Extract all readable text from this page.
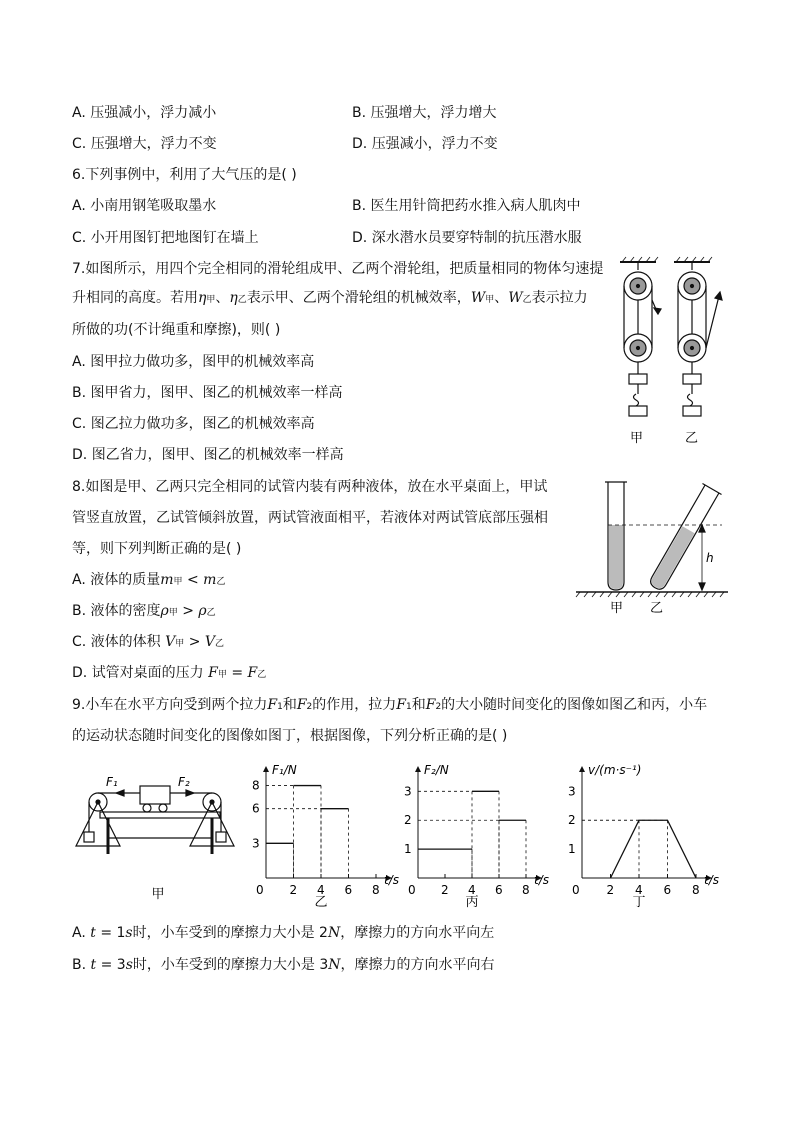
A. 压强减小，浮力减小	B. 压强增大，浮力增大
C. 压强增大，浮力不变	D. 压强减小，浮力不变
6.下列事例中，利用了大气压的是( )
A. 小南用钢笔吸取墨水	B. 医生用针筒把药水推入病人肌肉中
C. 小开用图钉把地图钉在墙上	D. 深水潜水员要穿特制的抗压潜水服
7.如图所示，用四个完全相同的滑轮组成甲、乙两个滑轮组，把质量相同的物体匀速提
升相同的高度。若用η甲、η乙表示甲、乙两个滑轮组的机械效率，W甲、W乙表示拉力
所做的功(不计绳重和摩擦)，则( )
A. 图甲拉力做功多，图甲的机械效率高
B. 图甲省力，图甲、图乙的机械效率一样高
C. 图乙拉力做功多，图乙的机械效率高
D. 图乙省力，图甲、图乙的机械效率一样高
甲	乙
8.如图是甲、乙两只完全相同的试管内装有两种液体，放在水平桌面上，甲试
管竖直放置，乙试管倾斜放置，两试管液面相平，若液体对两试管底部压强相
等，则下列判断正确的是( )
A. 液体的质量m甲 < m乙
B. 液体的密度ρ甲 > ρ乙
C. 液体的体积 V甲 > V乙
D. 试管对桌面的压力 F甲 = F乙
h
甲 乙
9.小车在水平方向受到两个拉力F1和F2的作用，拉力F1和F2的大小随时间变化的图像如图乙和丙，小车
的运动状态随时间变化的图像如图丁，根据图像，下列分析正确的是( )
F₁	F₂
甲
F₁/N
t/s
0 2 4 6 8
3
6
8
乙
F₂/N
t/s
0 2 4 6 8
1
2
3
丙
v/(m·s⁻¹)
t/s
0 2 4 6 8
1
2
3
丁
A. t = 1s时，小车受到的摩擦力大小是 2N，摩擦力的方向水平向左
B. t = 3s时，小车受到的摩擦力大小是 3N，摩擦力的方向水平向右
